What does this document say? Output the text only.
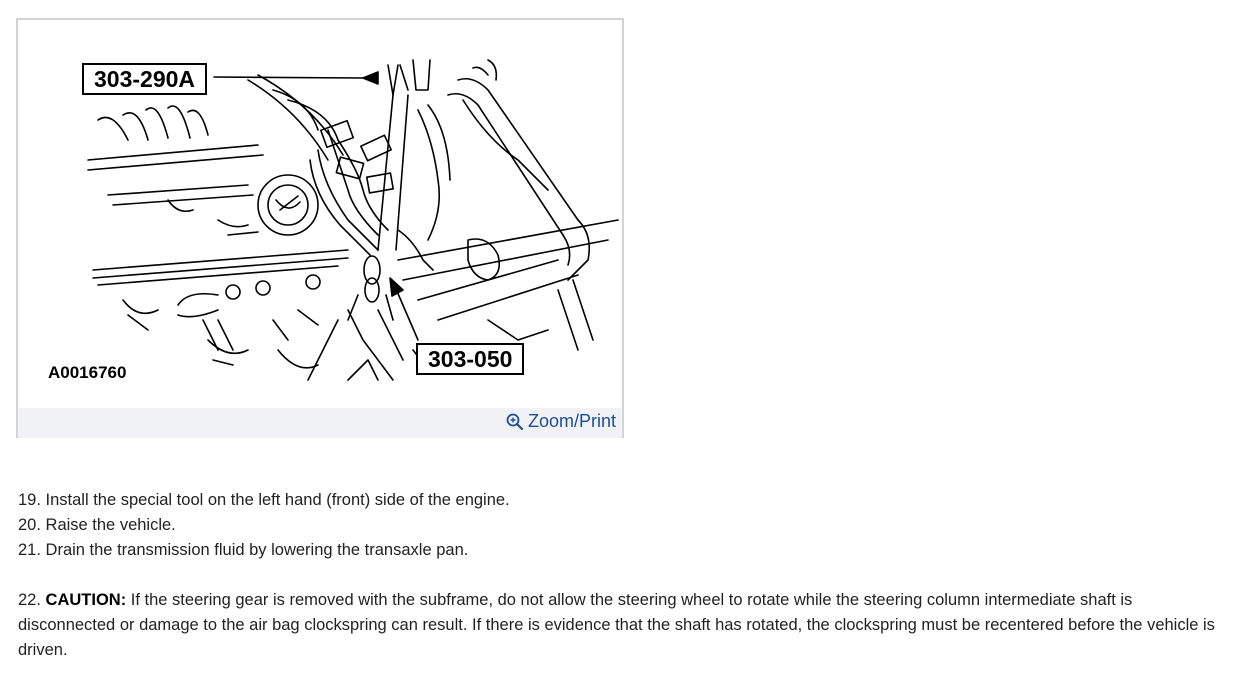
303-290A
303-050
A0016760
Zoom/Print

19. Install the special tool on the left hand (front) side of the engine.

20. Raise the vehicle.

21. Drain the transmission fluid by lowering the transaxle pan.

22. CAUTION: If the steering gear is removed with the subframe, do not allow the steering wheel to rotate while the steering column intermediate shaft is disconnected or damage to the air bag clockspring can result. If there is evidence that the shaft has rotated, the clockspring must be recentered before the vehicle is driven.
